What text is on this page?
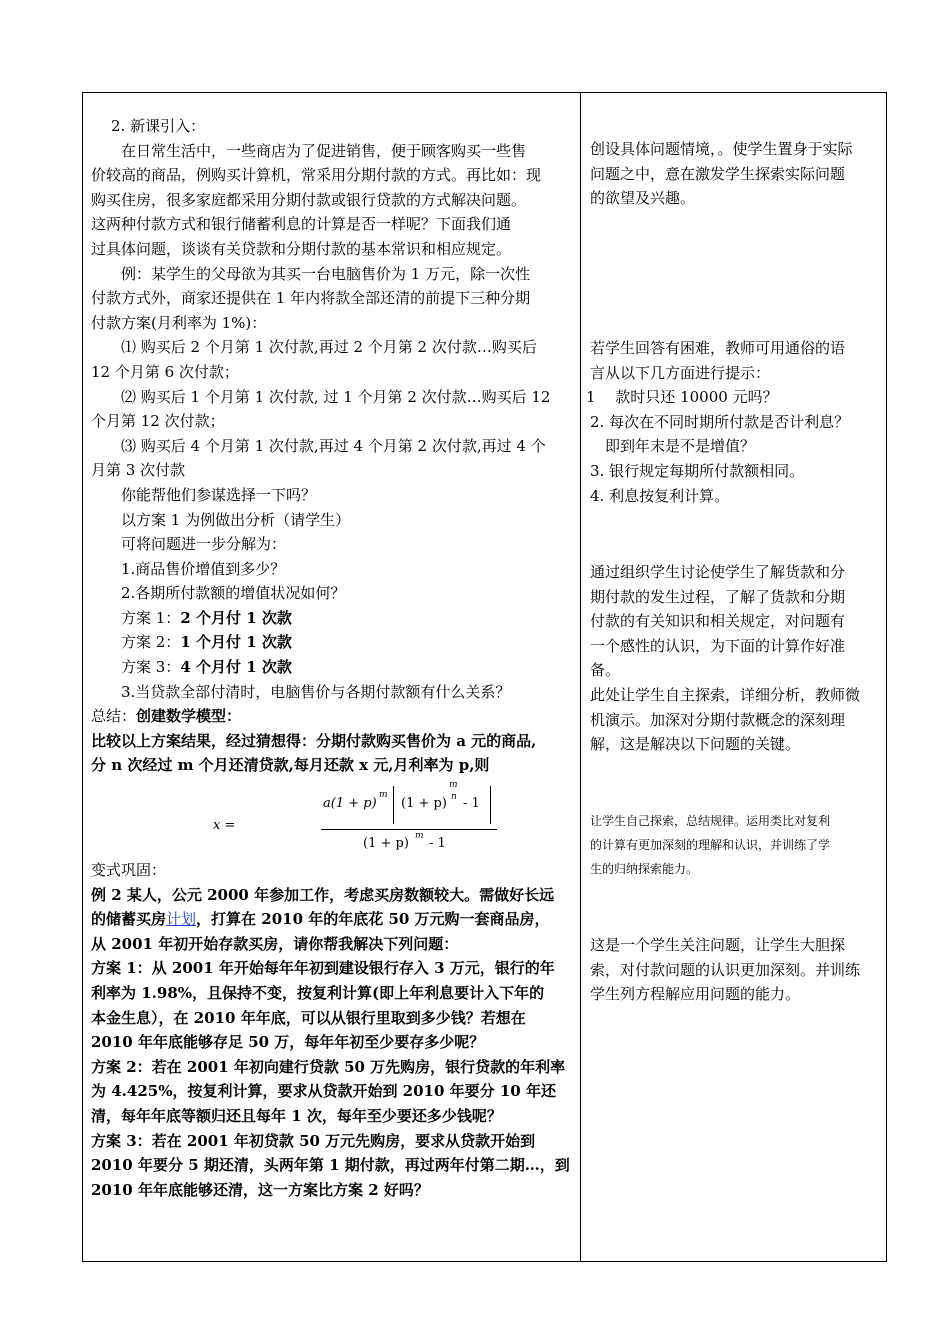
2. 新课引入：

在日常生活中，一些商店为了促进销售，便于顾客购买一些售

价较高的商品，例购买计算机，常采用分期付款的方式。再比如：现

购买住房，很多家庭都采用分期付款或银行贷款的方式解决问题。

这两种付款方式和银行储蓄利息的计算是否一样呢？下面我们通

过具体问题，谈谈有关贷款和分期付款的基本常识和相应规定。

例：某学生的父母欲为其买一台电脑售价为 1 万元，除一次性

付款方式外，商家还提供在 1 年内将款全部还清的前提下三种分期

付款方案(月利率为 1%)：

⑴ 购买后 2 个月第 1 次付款,再过 2 个月第 2 次付款…购买后

12 个月第 6 次付款；

⑵ 购买后 1 个月第 1 次付款, 过 1 个月第 2 次付款…购买后 12

个月第 12 次付款；

⑶ 购买后 4 个月第 1 次付款,再过 4 个月第 2 次付款,再过 4 个

月第 3 次付款

你能帮他们参谋选择一下吗？

以方案 1 为例做出分析（请学生）

可将问题进一步分解为：

1.商品售价增值到多少？

2.各期所付款额的增值状况如何？

方案 1：2 个月付 1 次款

方案 2：1 个月付 1 次款

方案 3：4 个月付 1 次款

3.当贷款全部付清时，电脑售价与各期付款额有什么关系？

总结：创建数学模型：

比较以上方案结果，经过猜想得：分期付款购买售价为 a 元的商品,

分 n 次经过 m 个月还清贷款,每月还款 x 元,月利率为 p,则

x =
a(1 + p)
m
(1 + p)
m
n - 1
(1 + p) m - 1

变式巩固：

例 2 某人，公元 2000 年参加工作，考虑买房数额较大。需做好长远

的储蓄买房计划，打算在 2010 年的年底花 50 万元购一套商品房，

从 2001 年初开始存款买房，请你帮我解决下列问题：

方案 1：从 2001 年开始每年年初到建设银行存入 3 万元，银行的年

利率为 1.98%，且保持不变，按复利计算(即上年利息要计入下年的

本金生息），在 2010 年年底，可以从银行里取到多少钱？若想在

2010 年年底能够存足 50 万，每年年初至少要存多少呢？

方案 2：若在 2001 年初向建行贷款 50 万先购房，银行贷款的年利率

为 4.425%，按复利计算，要求从贷款开始到 2010 年要分 10 年还

清，每年年底等额归还且每年 1 次，每年至少要还多少钱呢？

方案 3：若在 2001 年初贷款 50 万元先购房，要求从贷款开始到

2010 年要分 5 期还清，头两年第 1 期付款，再过两年付第二期…，到

2010 年年底能够还清，这一方案比方案 2 好吗？

创设具体问题情境，。使学生置身于实际

问题之中，意在激发学生探索实际问题

的欲望及兴趣。

若学生回答有困难，教师可用通俗的语

言从以下几方面进行提示：

1　 款时只还 10000 元吗？

2. 每次在不同时期所付款是否计利息？

　即到年末是不是增值？

3. 银行规定每期所付款额相同。

4. 利息按复利计算。

通过组织学生讨论使学生了解货款和分

期付款的发生过程，了解了货款和分期

付款的有关知识和相关规定，对问题有

一个感性的认识，为下面的计算作好准

备。

此处让学生自主探索，详细分析，教师微

机演示。加深对分期付款概念的深刻理

解，这是解决以下问题的关键。

让学生自己探索，总结规律。运用类比对复利

的计算有更加深刻的理解和认识，并训练了学

生的归纳探索能力。

这是一个学生关注问题，让学生大胆探

索，对付款问题的认识更加深刻。并训练

学生列方程解应用问题的能力。
